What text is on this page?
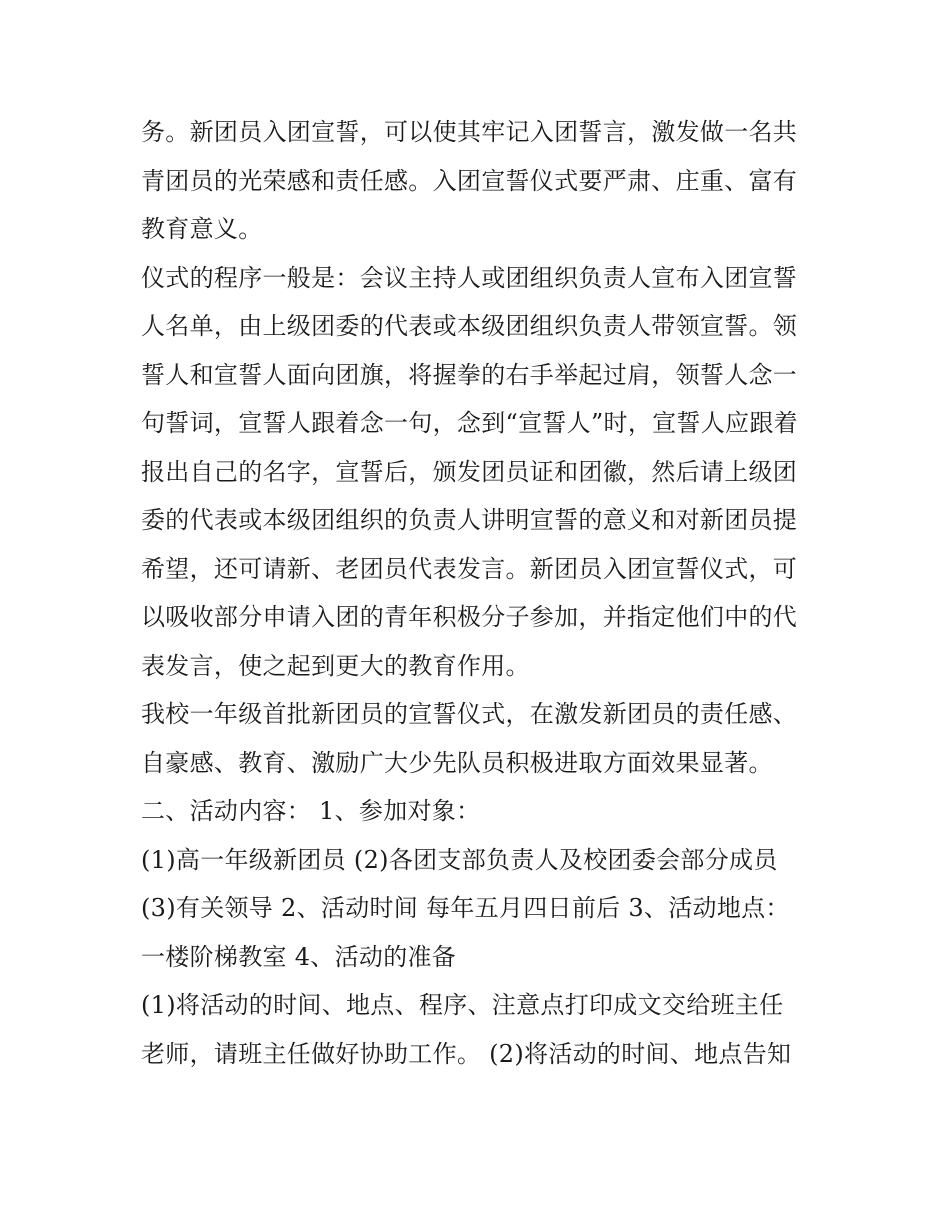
务。新团员入团宣誓，可以使其牢记入团誓言，激发做一名共
青团员的光荣感和责任感。入团宣誓仪式要严肃、庄重、富有
教育意义。
仪式的程序一般是：会议主持人或团组织负责人宣布入团宣誓
人名单，由上级团委的代表或本级团组织负责人带领宣誓。领
誓人和宣誓人面向团旗，将握拳的右手举起过肩，领誓人念一
句誓词，宣誓人跟着念一句，念到“宣誓人”时，宣誓人应跟着
报出自己的名字，宣誓后，颁发团员证和团徽，然后请上级团
委的代表或本级团组织的负责人讲明宣誓的意义和对新团员提
希望，还可请新、老团员代表发言。新团员入团宣誓仪式，可
以吸收部分申请入团的青年积极分子参加，并指定他们中的代
表发言，使之起到更大的教育作用。
我校一年级首批新团员的宣誓仪式，在激发新团员的责任感、
自豪感、教育、激励广大少先队员积极进取方面效果显著。
二、活动内容： 1、参加对象：
(1)高一年级新团员 (2)各团支部负责人及校团委会部分成员
(3)有关领导 2、活动时间 每年五月四日前后 3、活动地点：
一楼阶梯教室 4、活动的准备
(1)将活动的时间、地点、程序、注意点打印成文交给班主任
老师，请班主任做好协助工作。 (2)将活动的时间、地点告知
